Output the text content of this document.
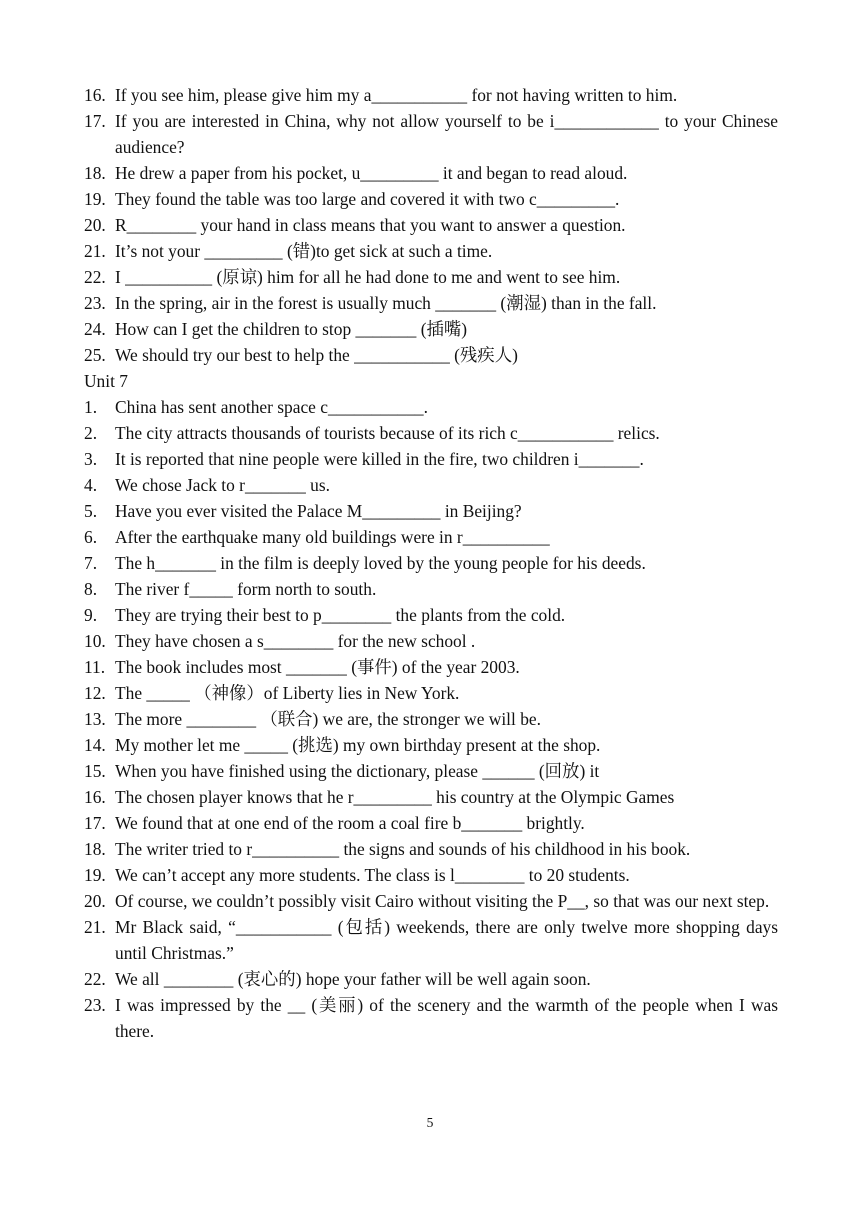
16. If you see him, please give him my a___________ for not having written to him.
17. If you are interested in China, why not allow yourself to be i____________ to your Chinese audience?
18. He drew a paper from his pocket, u_________ it and began to read aloud.
19. They found the table was too large and covered it with two c_________.
20. R________ your hand in class means that you want to answer a question.
21. It’s not your _________ (错)to get sick at such a time.
22. I __________ (原谅) him for all he had done to me and went to see him.
23. In the spring, air in the forest is usually much _______ (潮湿) than in the fall.
24. How can I get the children to stop _______ (插嘴)
25. We should try our best to help the ___________ (残疾人)
Unit 7
1.	China has sent another space c___________.
2.	The city attracts thousands of tourists because of its rich c___________ relics.
3.	It is reported that nine people were killed in the fire, two children i_______.
4.	We chose Jack to r_______ us.
5.	Have you ever visited the Palace M_________ in Beijing?
6.	After the earthquake many old buildings were in r__________
7.	The h_______ in the film is deeply loved by the young people for his deeds.
8.	The river f_____ form north to south.
9.	They are trying their best to p________ the plants from the cold.
10. They have chosen a s________ for the new school .
11. The book includes most _______ (事件) of the year 2003.
12. The _____ （神像）of Liberty lies in New York.
13. The more ________ （联合) we are, the stronger we will be.
14. My mother let me _____ (挑选) my own birthday present at the shop.
15. When you have finished using the dictionary, please ______ (回放) it
16. The chosen player knows that he r_________ his country at the Olympic Games
17. We found that at one end of the room a coal fire b_______ brightly.
18. The writer tried to r__________ the signs and sounds of his childhood in his book.
19. We can’t accept any more students. The class is l________ to 20 students.
20. Of course, we couldn’t possibly visit Cairo without visiting the P__, so that was our next step.
21. Mr Black said, “___________ (包括) weekends, there are only twelve more shopping days until Christmas.”
22. We all ________ (衷心的) hope your father will be well again soon.
23. I was impressed by the __ (美丽) of the scenery and the warmth of the people when I was there.
5
